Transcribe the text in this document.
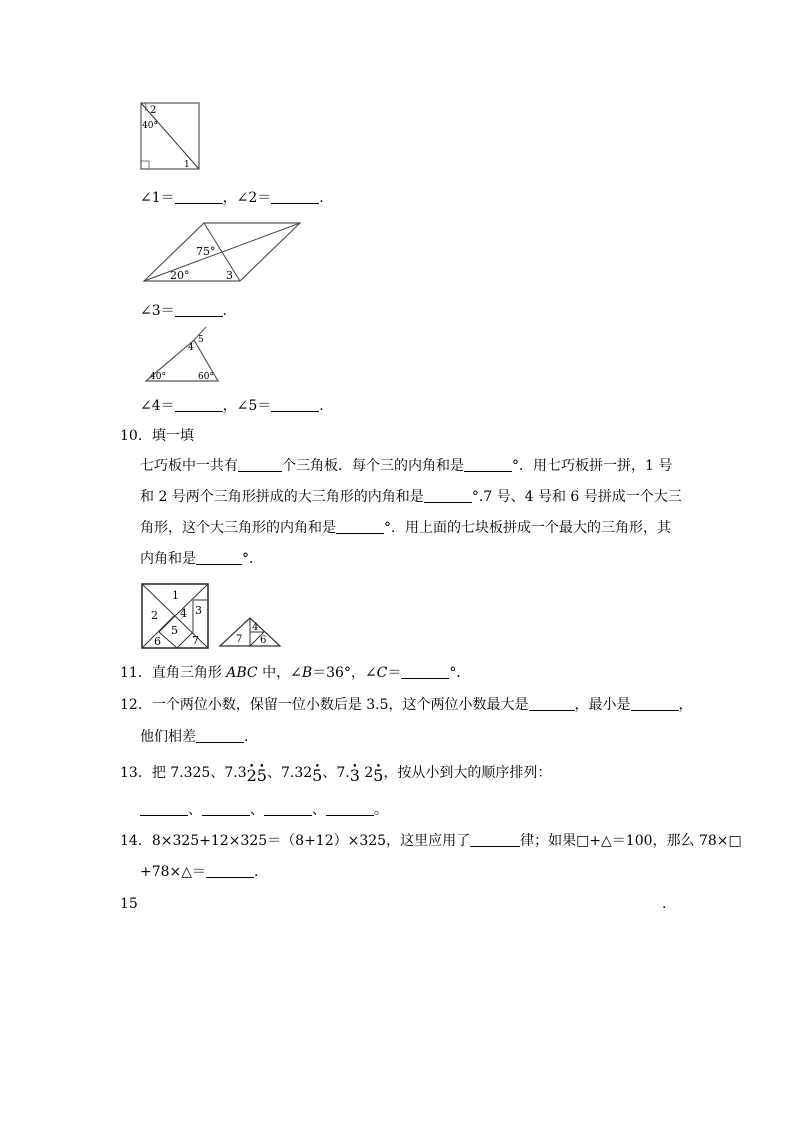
2
40°
1
∠1＝	，∠2＝	.
75°
20°	3
∠3＝	.
5
4
40°	60°
∠4＝	，∠5＝	.
10．填一填
七巧板中一共有	个三角板．每个三的内角和是	°．用七巧板拼一拼，1 号
和 2 号两个三角形拼成的大三角形的内角和是	°.7 号、4 号和 6 号拼成一个大三
角形，这个大三角形的内角和是	°．用上面的七块板拼成一个最大的三角形，其
内角和是	°．
1
2	3
4
5
6	7	7
4
6
11．直角三角形 ABC 中，∠B＝36°，∠C＝	°．
12．一个两位小数，保留一位小数后是 3.5，这个两位小数最大是	，最小是	，
他们相差	.
13．把 7.325、7.3• 2• 5、7.32• 5、7.• 3 2• 5，按从小到大的顺序排列：
、	、	、	。
14．8×325+12×325＝（8+12）×325，这里应用了	律；如果□+△＝100，那么 78×□
+78×△＝	.
15	.
